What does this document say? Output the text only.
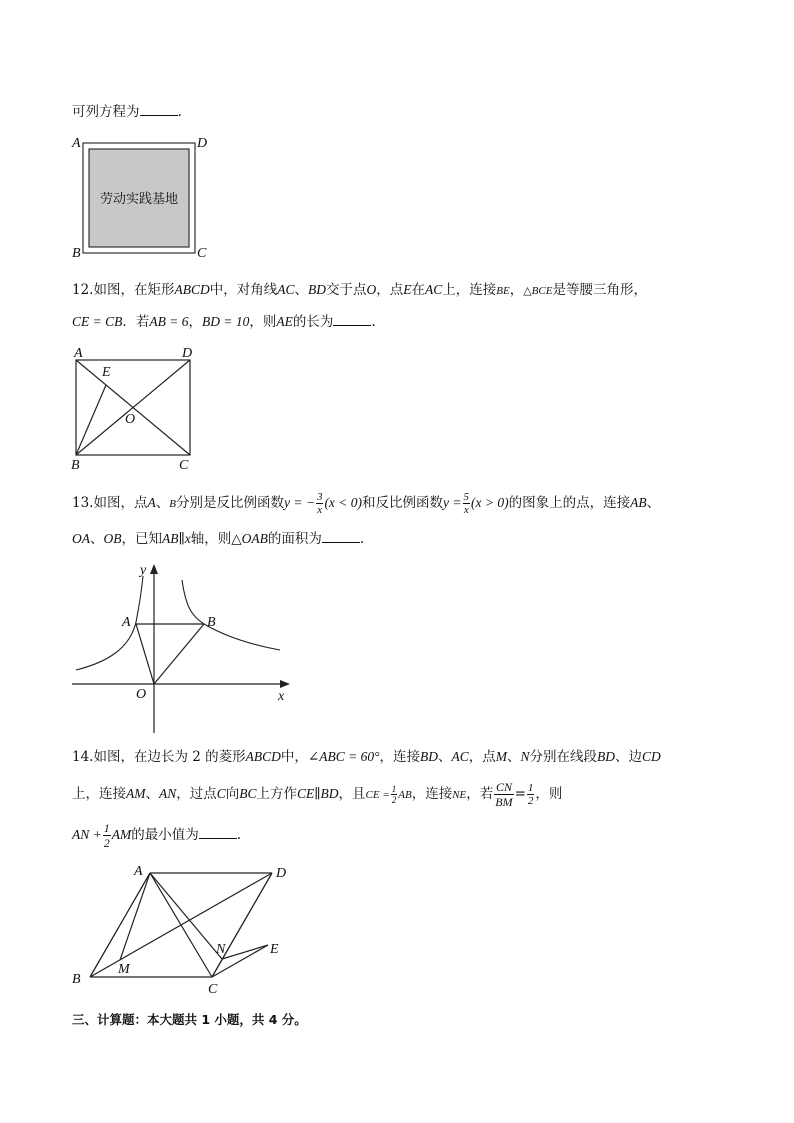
可列方程为	.
A	D
B	C
劳动实践基地
12.如图，在矩形ABCD中，对角线AC、BD交于点O，点E在AC上，连接BE，△BCE是等腰三角形，
CE = CB．若AB = 6，BD = 10，则AE的长为	.
A	D
E
O
B	C
13.如图，点A、B分别是反比例函数y = − $\frac{3}{x} (x < 0)$和反比例函数$y = \frac{5}{x} (x > 0)$的图象上的点，连接AB、
OA、OB，已知AB∥x轴，则△OAB的面积为	.
y
A	B
O	x
14.如图，在边长为 2 的菱形ABCD中，∠ABC = 60°，连接BD、AC，点M、N分别在线段BD、边CD
上，连接AM、AN，过点C向BC上方作CE∥BD，且CE = $\frac{1}{2}$ AB，连接NE，若 $\frac{CN}{BM} = \frac{1}{2}$ ，则
AN + $\frac{1}{2}$ AM的最小值为	.
A	D
N	E
M
B
C
三、计算题：本大题共 1 小题，共 4 分。
